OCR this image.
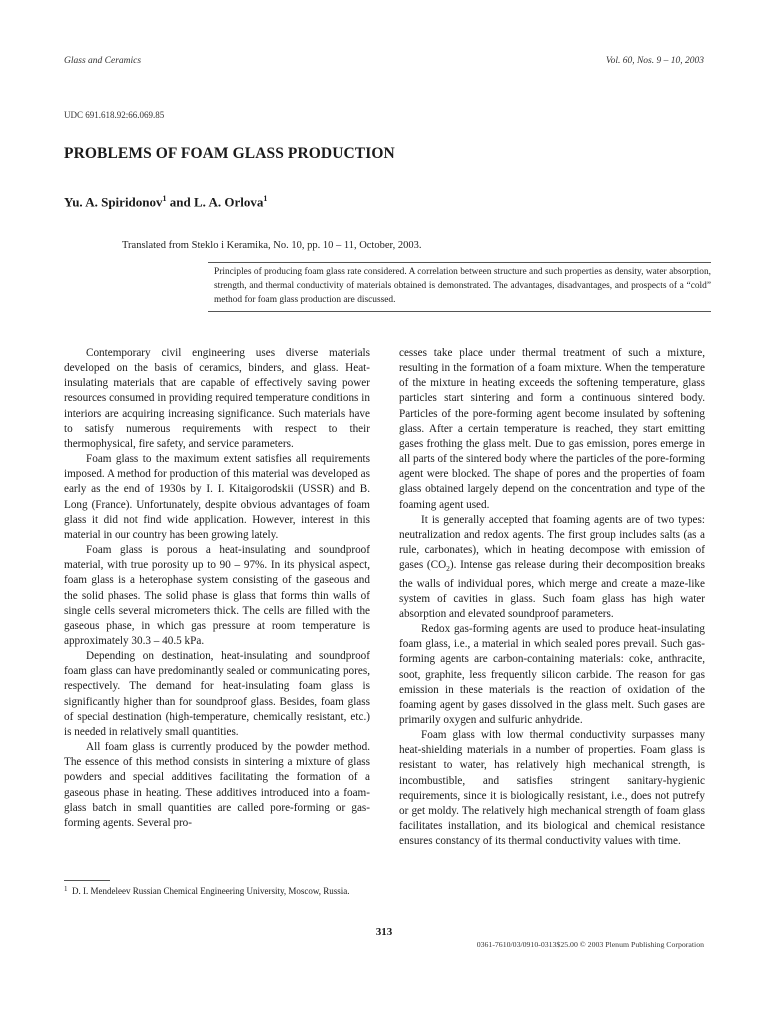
Glass and Ceramics	Vol. 60, Nos. 9 – 10, 2003
UDC 691.618.92:66.069.85
PROBLEMS OF FOAM GLASS PRODUCTION
Yu. A. Spiridonov$^1$ and L. A. Orlova$^1$
Translated from Steklo i Keramika, No. 10, pp. 10 – 11, October, 2003.
Principles of producing foam glass rate considered. A correlation between structure and such properties as density, water absorption, strength, and thermal conductivity of materials obtained is demonstrated. The advantages, disadvantages, and prospects of a “cold” method for foam glass production are discussed.

Contemporary civil engineering uses diverse materials developed on the basis of ceramics, binders, and glass. Heat-insulating materials that are capable of effectively saving power resources consumed in providing required temperature conditions in interiors are acquiring increasing significance. Such materials have to satisfy numerous requirements with respect to their thermophysical, fire safety, and service parameters.

Foam glass to the maximum extent satisfies all requirements imposed. A method for production of this material was developed as early as the end of 1930s by I. I. Kitaigorodskii (USSR) and B. Long (France). Unfortunately, despite obvious advantages of foam glass it did not find wide application. However, interest in this material in our country has been growing lately.

Foam glass is porous a heat-insulating and soundproof material, with true porosity up to 90 – 97%. In its physical aspect, foam glass is a heterophase system consisting of the gaseous and the solid phases. The solid phase is glass that forms thin walls of single cells several micrometers thick. The cells are filled with the gaseous phase, in which gas pressure at room temperature is approximately 30.3 – 40.5 kPa.

Depending on destination, heat-insulating and soundproof foam glass can have predominantly sealed or communicating pores, respectively. The demand for heat-insulating foam glass is significantly higher than for soundproof glass. Besides, foam glass of special destination (high-temperature, chemically resistant, etc.) is needed in relatively small quantities.

All foam glass is currently produced by the powder method. The essence of this method consists in sintering a mixture of glass powders and special additives facilitating the formation of a gaseous phase in heating. These additives introduced into a foam-glass batch in small quantities are called pore-forming or gas-forming agents. Several pro-

cesses take place under thermal treatment of such a mixture, resulting in the formation of a foam mixture. When the temperature of the mixture in heating exceeds the softening temperature, glass particles start sintering and form a continuous sintered body. Particles of the pore-forming agent become insulated by softening glass. After a certain temperature is reached, they start emitting gases frothing the glass melt. Due to gas emission, pores emerge in all parts of the sintered body where the particles of the pore-forming agent were blocked. The shape of pores and the properties of foam glass obtained largely depend on the concentration and type of the foaming agent used.

It is generally accepted that foaming agents are of two types: neutralization and redox agents. The first group includes salts (as a rule, carbonates), which in heating decompose with emission of gases $(CO_2)$. Intense gas release during their decomposition breaks the walls of individual pores, which merge and create a maze-like system of cavities in glass. Such foam glass has high water absorption and elevated soundproof parameters.

Redox gas-forming agents are used to produce heat-insulating foam glass, i.e., a material in which sealed pores prevail. Such gas-forming agents are carbon-containing materials: coke, anthracite, soot, graphite, less frequently silicon carbide. The reason for gas emission in these materials is the reaction of oxidation of the foaming agent by gases dissolved in the glass melt. Such gases are primarily oxygen and sulfuric anhydride.

Foam glass with low thermal conductivity surpasses many heat-shielding materials in a number of properties. Foam glass is resistant to water, has relatively high mechanical strength, is incombustible, and satisfies stringent sanitary-hygienic requirements, since it is biologically resistant, i.e., does not putrefy or get moldy. The relatively high mechanical strength of foam glass facilitates installation, and its biological and chemical resistance ensures constancy of its thermal conductivity values with time.

1 D. I. Mendeleev Russian Chemical Engineering University, Moscow, Russia.
313
0361-7610/03/0910-0313$25.00 © 2003 Plenum Publishing Corporation
